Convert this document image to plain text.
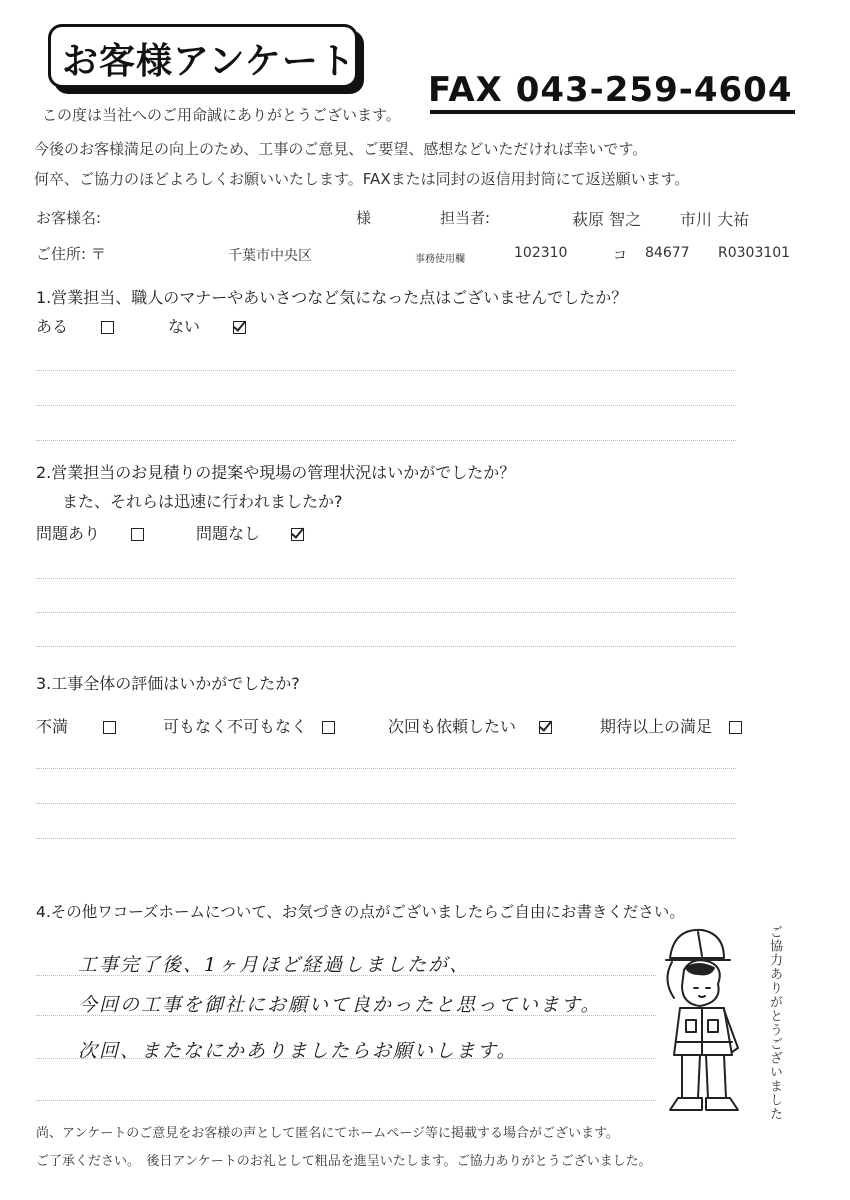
お客様アンケート
FAX 043-259-4604
この度は当社へのご用命誠にありがとうございます。
今後のお客様満足の向上のため、工事のご意見、ご要望、感想などいただければ幸いです。
何卒、ご協力のほどよろしくお願いいたします。FAXまたは同封の返信用封筒にて返送願います。
お客様名:	様	担当者:	萩原 智之 市川 大祐
ご住所: 〒	千葉市中央区	事務使用欄	102310	コ 84677 R0303101
1.営業担当、職人のマナーやあいさつなど気になった点はございませんでしたか？
ある	ない
2.営業担当のお見積りの提案や現場の管理状況はいかがでしたか？
また、それらは迅速に行われましたか?
問題あり	問題なし
3.工事全体の評価はいかがでしたか?
不満	可もなく不可もなく	次回も依頼したい	期待以上の満足
4.その他ワコーズホームについて、お気づきの点がございましたらご自由にお書きください。
工事完了後、1ヶ月ほど経過しましたが、
今回の工事を御社にお願いて良かったと思っています。
次回、またなにかありましたらお願いします。	ご協力ありがとうございました
尚、アンケートのご意見をお客様の声として匿名にてホームページ等に掲載する場合がございます。
ご了承ください。　後日アンケートのお礼として粗品を進呈いたします。ご協力ありがとうございました。
